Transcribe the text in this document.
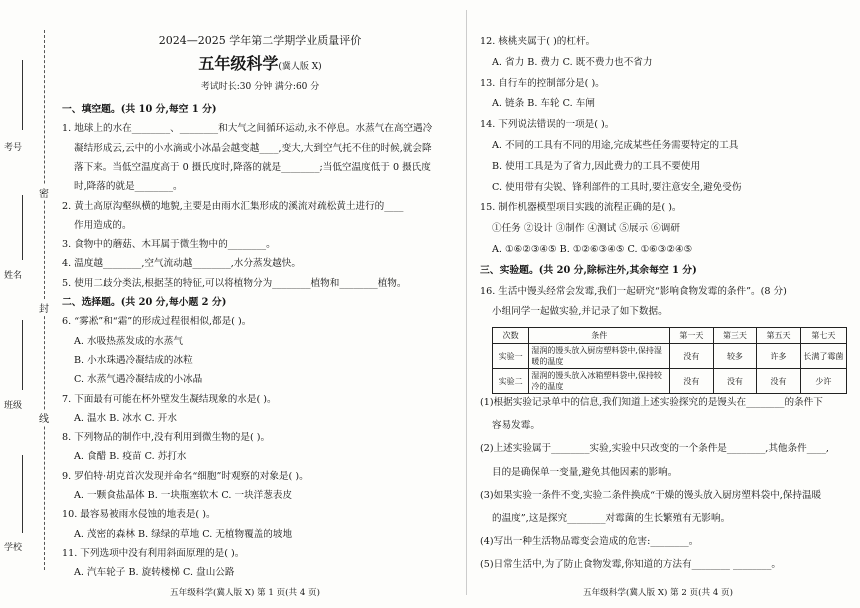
密
封
线
考号
姓名
班级
学校
2024—2025 学年第二学期学业质量评价
五年级科学(冀人版 X)
考试时长:30 分钟 满分:60 分
一、填空题。(共 10 分,每空 1 分)
1. 地球上的水在________、________和大气之间循环运动,永不停息。水蒸气在高空遇冷
凝结形成云,云中的小水滴或小冰晶会越变越____,变大,大到空气托不住的时候,就会降
落下来。当低空温度高于 0 摄氏度时,降落的就是________;当低空温度低于 0 摄氏度
时,降落的就是________。
2. 黄土高原沟壑纵横的地貌,主要是由雨水汇集形成的溪流对疏松黄土进行的____
作用造成的。
3. 食物中的蘑菇、木耳属于微生物中的________。
4. 温度越________,空气流动越________,水分蒸发越快。
5. 使用二歧分类法,根据茎的特征,可以将植物分为________植物和________植物。
二、选择题。(共 20 分,每小题 2 分)
6. “雾凇”和“霜”的形成过程很相似,都是( )。
A. 水吸热蒸发成的水蒸气
B. 小水珠遇冷凝结成的冰粒
C. 水蒸气遇冷凝结成的小冰晶
7. 下面最有可能在杯外壁发生凝结现象的水是( )。
A. 温水 B. 冰水 C. 开水
8. 下列物品的制作中,没有利用到微生物的是( )。
A. 食醋 B. 疫苗 C. 苏打水
9. 罗伯特·胡克首次发现并命名“细胞”时观察的对象是( )。
A. 一颗食盐晶体 B. 一块瓶塞软木 C. 一块洋葱表皮
10. 最容易被雨水侵蚀的地表是( )。
A. 茂密的森林 B. 绿绿的草地 C. 无植物覆盖的坡地
11. 下列选项中没有利用斜面原理的是( )。
A. 汽车轮子 B. 旋转楼梯 C. 盘山公路
五年级科学(冀人版 X) 第 1 页(共 4 页)
12. 核桃夹属于( )的杠杆。
A. 省力 B. 费力 C. 既不费力也不省力
13. 自行车的控制部分是( )。
A. 链条 B. 车轮 C. 车闸
14. 下列说法错误的一项是( )。
A. 不同的工具有不同的用途,完成某些任务需要特定的工具
B. 使用工具是为了省力,因此费力的工具不要使用
C. 使用带有尖锐、锋利部件的工具时,要注意安全,避免受伤
15. 制作机器模型项目实践的流程正确的是( )。
①任务 ②设计 ③制作 ④测试 ⑤展示 ⑥调研
A. ①⑥②③④⑤ B. ①②⑥③④⑤ C. ①⑥③②④⑤
三、实验题。(共 20 分,除标注外,其余每空 1 分)
16. 生活中馒头经常会发霉,我们一起研究“影响食物发霉的条件”。(8 分)
小组同学一起做实验,并记录了如下数据。
次数	条件	第一天	第三天	第五天	第七天
实验一	湿润的馒头放入厨房塑料袋中,保持湿暖的温度	没有	较多	许多	长满了霉菌
实验二	湿润的馒头放入冰箱塑料袋中,保持较冷的温度	没有	没有	没有	少许
(1)根据实验记录单中的信息,我们知道上述实验探究的是馒头在________的条件下
容易发霉。
(2)上述实验属于________实验,实验中只改变的一个条件是________,其他条件____,
目的是确保单一变量,避免其他因素的影响。
(3)如果实验一条件不变,实验二条件换成“干燥的馒头放入厨房塑料袋中,保持温暖
的温度”,这是探究________对霉菌的生长繁殖有无影响。
(4)写出一种生活物品霉变会造成的危害:________。
(5)日常生活中,为了防止食物发霉,你知道的方法有________ ________。
五年级科学(冀人版 X) 第 2 页(共 4 页)
